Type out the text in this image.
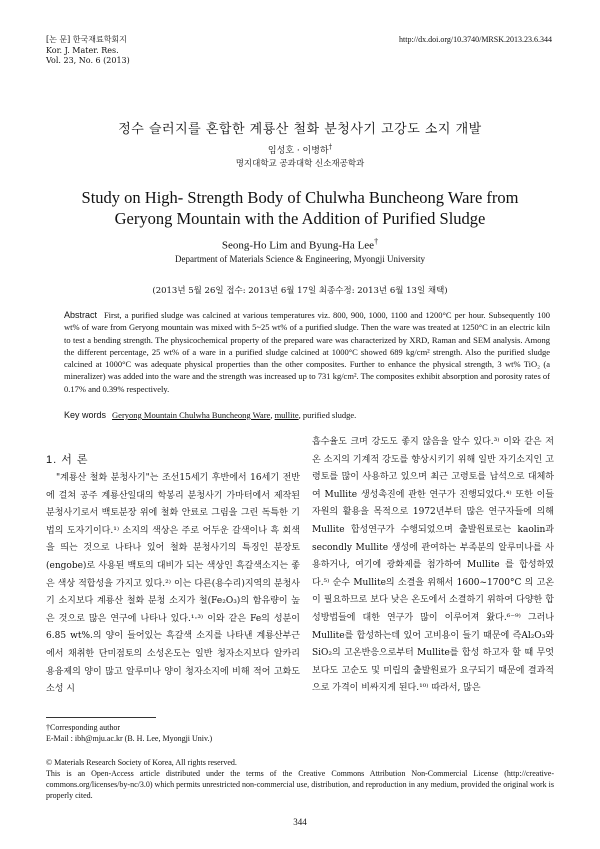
[논 문] 한국재료학회지
Kor. J. Mater. Res.
Vol. 23, No. 6 (2013)
http://dx.doi.org/10.3740/MRSK.2013.23.6.344
정수 슬러지를 혼합한 계룡산 철화 분청사기 고강도 소지 개발
임성호 · 이병하†
명지대학교 공과대학 신소재공학과
Study on High- Strength Body of Chulwha Buncheong Ware from
Geryong Mountain with the Addition of Purified Sludge
Seong-Ho Lim and Byung-Ha Lee†
Department of Materials Science & Engineering, Myongji University
(2013년 5월 26일 접수: 2013년 6월 17일 최종수정: 2013년 6월 13일 채택)
Abstract First, a purified sludge was calcined at various temperatures viz. 800, 900, 1000, 1100 and 1200°C per hour. Subsequently 100 wt% of ware from Geryong mountain was mixed with 5~25 wt% of a purified sludge. Then the ware was treated at 1250°C in an electric kiln to test a bending strength. The physicochemical property of the prepared ware was characterized by XRD, Raman and SEM analysis. Among the different percentage, 25 wt% of a ware in a purified sludge calcined at 1000°C showed 689 kg/cm² strength. Also the purified sludge calcined at 1000°C was adequate physical properties than the other composites. Further to enhance the physical strength, 3 wt% TiO₂ (a mineralizer) was added into the ware and the strength was increased up to 731 kg/cm². The composites exhibit absorption and porosity rates of 0.17% and 0.39% respectively.
Key words Geryong Mountain Chulwha Buncheong Ware, mullite, purified sludge.
1. 서 론

"계룡산 철화 분청사기"는 조선15세기 후반에서 16세기 전반에 걸쳐 공주 계룡산일대의 학봉리 분청사기 가마터에서 제작된 분청사기로서 백토분장 위에 철화 안료로 그림을 그린 독특한 기법의 도자기이다.¹⁾ 소지의 색상은 주로 어두운 갈색이나 흑 회색을 띄는 것으로 나타나 있어 철화 분청사기의 특징인 분장토(engobe)로 사용된 백토의 대비가 되는 색상인 흑갈색소지는 좋은 색상 적합성을 가지고 있다.²⁾ 이는 다른(용수리)지역의 분청사기 소지보다 계룡산 철화 분청 소지가 철(Fe₂O₃)의 함유량이 높은 것으로 많은 연구에 나타나 있다.¹·³⁾ 이와 같은 Fe의 성분이 6.85 wt%.의 양이 들어있는 흑갈색 소지를 나타낸 계룡산부근에서 채취한 단미점토의 소성온도는 일반 청자소지보다 알카리 용융제의 양이 많고 알루미나 양이 청자소지에 비해 적어 고화도 소성 시

흡수율도 크며 강도도 좋지 않음을 알수 있다.³⁾ 이와 같은 저온 소지의 기계적 강도를 향상시키기 위해 일반 자기소지인 고령토를 많이 사용하고 있으며 최근 고령토를 납석으로 대체하여 Mullite 생성촉진에 관한 연구가 진행되었다.⁴⁾ 또한 이들 자원의 활용을 목적으로 1972년부터 많은 연구자들에 의해 Mullite 합성연구가 수행되었으며 출발원료로는 kaolin과 secondly Mullite 생성에 관여하는 부족분의 알루미나를 사용하거나, 여기에 광화제를 첨가하여 Mullite 를 합성하였다.⁵⁾ 순수 Mullite의 소결을 위해서 1600~1700°C 의 고온이 필요하므로 보다 낮은 온도에서 소결하기 위하여 다양한 합성방법들에 대한 연구가 많이 이루어져 왔다.⁶⁻⁹⁾ 그러나 Mullite를 합성하는데 있어 고비용이 들기 때문에 즉Al₂O₃와 SiO₂의 고온반응으로부터 Mullite를 합성 하고자 할 때 무엇보다도 고순도 및 미립의 출발원료가 요구되기 때문에 결과적으로 가격이 비싸지게 된다.¹⁰⁾ 따라서, 많은

†Corresponding author
E-Mail : ibh@mju.ac.kr (B. H. Lee, Myongji Univ.)
© Materials Research Society of Korea, All rights reserved.
This is an Open-Access article distributed under the terms of the Creative Commons Attribution Non-Commercial License (http://creative-commons.org/licenses/by-nc/3.0) which permits unrestricted non-commercial use, distribution, and reproduction in any medium, provided the original work is properly cited.
344
